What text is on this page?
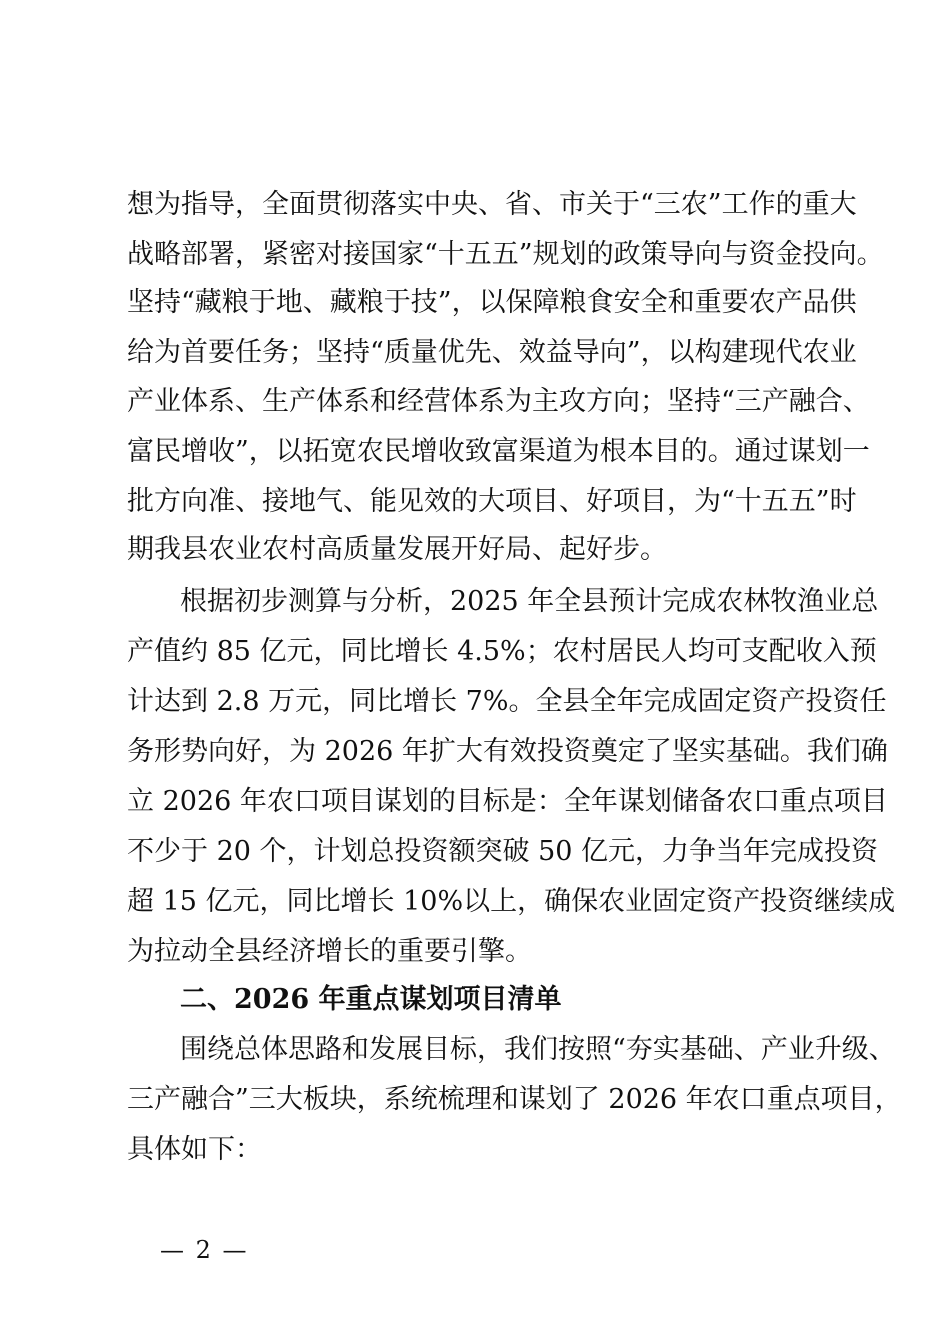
想为指导，全面贯彻落实中央、省、市关于“三农”工作的重大
战略部署，紧密对接国家“十五五”规划的政策导向与资金投向。
坚持“藏粮于地、藏粮于技”，以保障粮食安全和重要农产品供
给为首要任务；坚持“质量优先、效益导向”，以构建现代农业
产业体系、生产体系和经营体系为主攻方向；坚持“三产融合、
富民增收”，以拓宽农民增收致富渠道为根本目的。通过谋划一
批方向准、接地气、能见效的大项目、好项目，为“十五五”时
期我县农业农村高质量发展开好局、起好步。
根据初步测算与分析，2025 年全县预计完成农林牧渔业总
产值约 85 亿元，同比增长 4.5%；农村居民人均可支配收入预
计达到 2.8 万元，同比增长 7%。全县全年完成固定资产投资任
务形势向好，为 2026 年扩大有效投资奠定了坚实基础。我们确
立 2026 年农口项目谋划的目标是：全年谋划储备农口重点项目
不少于 20 个，计划总投资额突破 50 亿元，力争当年完成投资
超 15 亿元，同比增长 10%以上，确保农业固定资产投资继续成
为拉动全县经济增长的重要引擎。
二、2026 年重点谋划项目清单
围绕总体思路和发展目标，我们按照“夯实基础、产业升级、
三产融合”三大板块，系统梳理和谋划了 2026 年农口重点项目，
具体如下：
— 2 —
